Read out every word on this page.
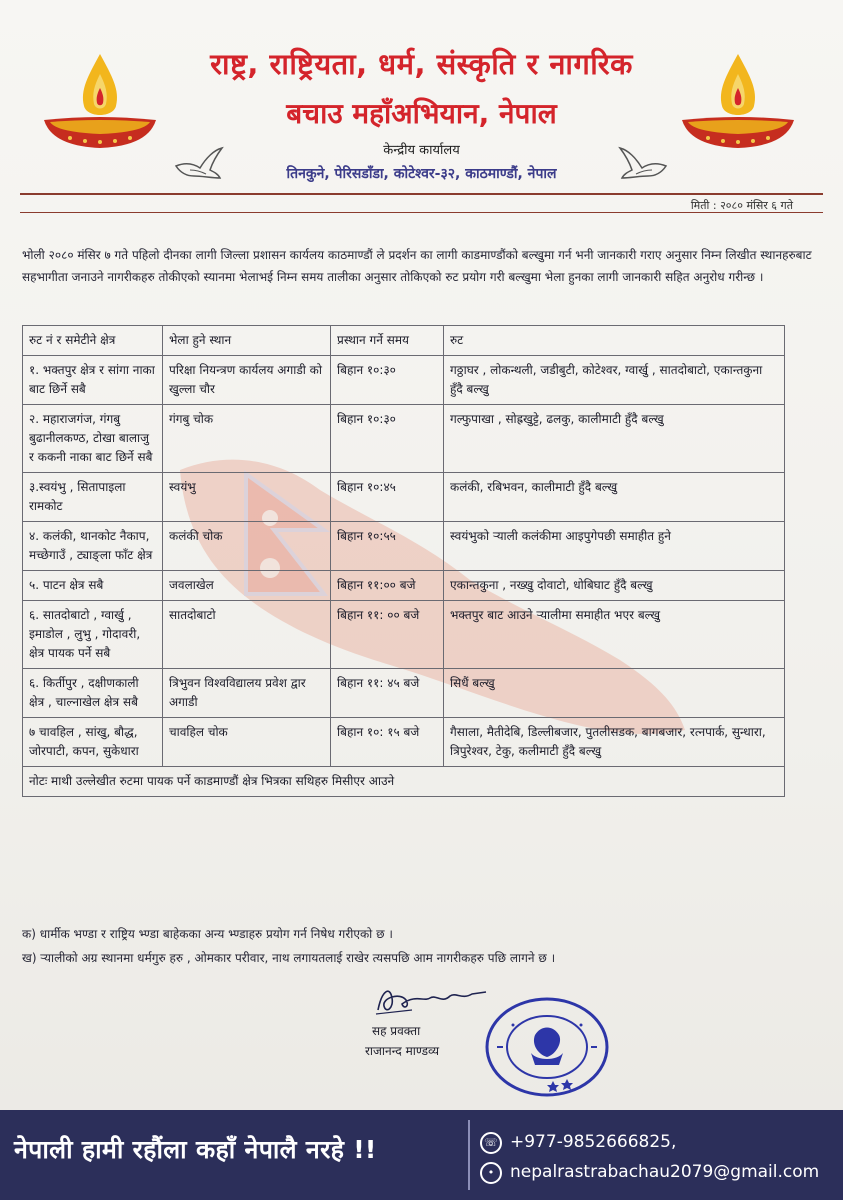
राष्ट्र, राष्ट्रियता, धर्म, संस्कृति र नागरिक
बचाउ महाँअभियान, नेपाल
केन्द्रीय कार्यालय
तिनकुने, पेरिसडाँडा, कोटेश्वर-३२, काठमाण्डौं, नेपाल
मिती : २०८० मंसिर ६ गते
भोली २०८० मंसिर ७ गते पहिलो दीनका लागी जिल्ला प्रशासन कार्यलय काठमाण्डौं ले प्रदर्शन का लागी काडमाण्डौंको बल्खुमा गर्न भनी जानकारी गराए अनुसार निम्न लिखीत स्थानहरुबाट सहभागीता जनाउने नागरीकहरु तोकीएको स्यानमा भेलाभई निम्न समय तालीका अनुसार तोकिएको रुट प्रयोग गरी बल्खुमा भेला हुनका लागी जानकारी सहित अनुरोध गरीन्छ ।
रुट नं र समेटीने क्षेत्र	भेला हुने स्थान	प्रस्थान गर्ने समय	रुट
१. भक्तपुर क्षेत्र र सांगा नाका बाट छिर्ने सबै	परिक्षा नियन्त्रण कार्यलय अगाडी को खुल्ला चौर	बिहान १०:३०	गठ्ठाघर , लोकन्थली, जडीबुटी, कोटेश्वर, ग्वार्खु , सातदोबाटो, एकान्तकुना हुँदै बल्खु
२. महाराजगंज, गंगबु बुढानीलकण्ठ, टोखा बालाजु र ककनी नाका बाट छिर्ने सबै	गंगबु चोक	बिहान १०:३०	गल्फुपाखा , सोह्रखुट्टे, ढलकु, कालीमाटी हुँदै बल्खु
३.स्वयंभु , सिताप‍ाइला रामकोट	स्वयंभु	बिहान १०:४५	कलंकी, रबिभवन, कालीमाटी हुँदै बल्खु
४. कलंकी, थानकोट नैकाप, मच्छेगाउँ , ट्याङ्ला फाँट क्षेत्र	कलंकी चोक	बिहान १०:५५	स्वयंभुको र्‍याली कलंकीमा आइपुगेपछी समाहीत हुने
५. पाटन क्षेत्र सबै	जवलाखेल	बिहान ११:०० बजे	एकान्तकुना , नख्खु दोवाटो, धोबिघाट हुँदै बल्खु
६. सातदोबाटो , ग्वार्खु , इमाडोल , लुभु , गोदावरी, क्षेत्र पायक पर्ने सबै	सातदोबाटो	बिहान ११: ०० बजे	भक्तपुर बाट आउने र्‍यालीमा समाहीत भएर बल्खु
६. किर्तीपुर , दक्षीणकाली क्षेत्र , चाल्नाखेल क्षेत्र सबै	त्रिभुवन विश्वविद्यालय प्रवेश द्वार अगाडी	बिहान ११: ४५ बजे	सिधैं बल्खु
७ चावहिल , सांखु, बौद्ध, जोरपाटी, कपन, सुकेधारा	चावहिल चोक	बिहान १०: १५ बजे	गैसाला, मैतीदेबि, डिल्लीबजार, पुतलीसडक, बागबजार, रत्नपार्क, सुन्धारा, त्रिपुरेश्वर, टेकु, कलीमाटी हुँदै बल्खु
नोटः माथी उल्लेखीत रुटमा पायक पर्ने काडमाण्डौं क्षेत्र भित्रका सथिहरु मिसीएर आउने			
क) धार्मीक भण्डा र राष्ट्रिय भ्ण्डा बाहेकका अन्य भ्ण्डाहरु प्रयोग गर्न निषेध गरीएको छ ।
ख) र्‍यालीको अग्र स्थानमा धर्मगुरु हरु , ओमकार परीवार, नाथ लगायतलाई राखेर त्यसपछि आम नागरीकहरु पछि लागने छ ।
सह प्रवक्ता
राजानन्द माण्डव्य
नेपाली हामी रहौंला कहाँ नेपालै नरहे !!	☏ +977-9852666825,
• nepalrastrabachau2079@gmail.com
